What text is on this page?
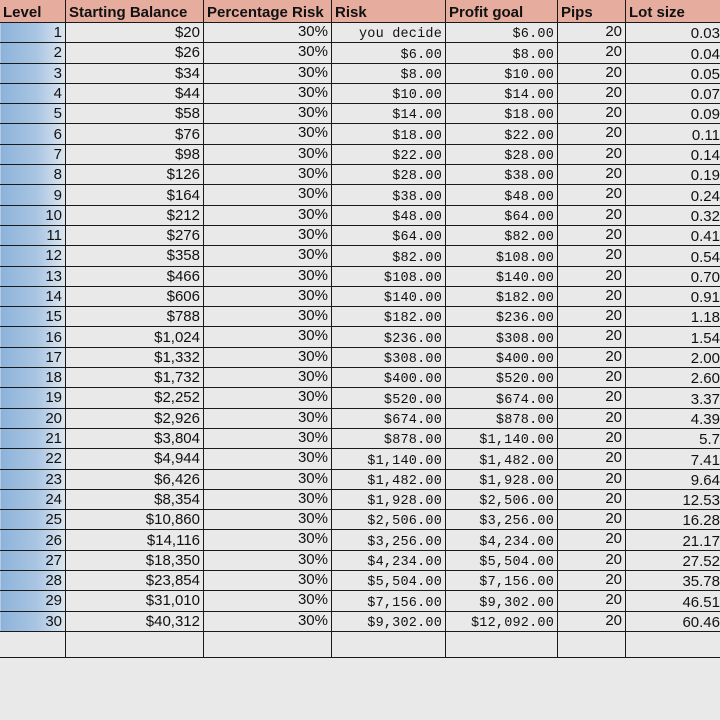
Level	Starting Balance	Percentage Risk	Risk	Profit goal	Pips	Lot size
1	$20	30%	you decide	$6.00	20	0.03
2	$26	30%	$6.00	$8.00	20	0.04
3	$34	30%	$8.00	$10.00	20	0.05
4	$44	30%	$10.00	$14.00	20	0.07
5	$58	30%	$14.00	$18.00	20	0.09
6	$76	30%	$18.00	$22.00	20	0.11
7	$98	30%	$22.00	$28.00	20	0.14
8	$126	30%	$28.00	$38.00	20	0.19
9	$164	30%	$38.00	$48.00	20	0.24
10	$212	30%	$48.00	$64.00	20	0.32
11	$276	30%	$64.00	$82.00	20	0.41
12	$358	30%	$82.00	$108.00	20	0.54
13	$466	30%	$108.00	$140.00	20	0.70
14	$606	30%	$140.00	$182.00	20	0.91
15	$788	30%	$182.00	$236.00	20	1.18
16	$1,024	30%	$236.00	$308.00	20	1.54
17	$1,332	30%	$308.00	$400.00	20	2.00
18	$1,732	30%	$400.00	$520.00	20	2.60
19	$2,252	30%	$520.00	$674.00	20	3.37
20	$2,926	30%	$674.00	$878.00	20	4.39
21	$3,804	30%	$878.00	$1,140.00	20	5.7
22	$4,944	30%	$1,140.00	$1,482.00	20	7.41
23	$6,426	30%	$1,482.00	$1,928.00	20	9.64
24	$8,354	30%	$1,928.00	$2,506.00	20	12.53
25	$10,860	30%	$2,506.00	$3,256.00	20	16.28
26	$14,116	30%	$3,256.00	$4,234.00	20	21.17
27	$18,350	30%	$4,234.00	$5,504.00	20	27.52
28	$23,854	30%	$5,504.00	$7,156.00	20	35.78
29	$31,010	30%	$7,156.00	$9,302.00	20	46.51
30	$40,312	30%	$9,302.00	$12,092.00	20	60.46
